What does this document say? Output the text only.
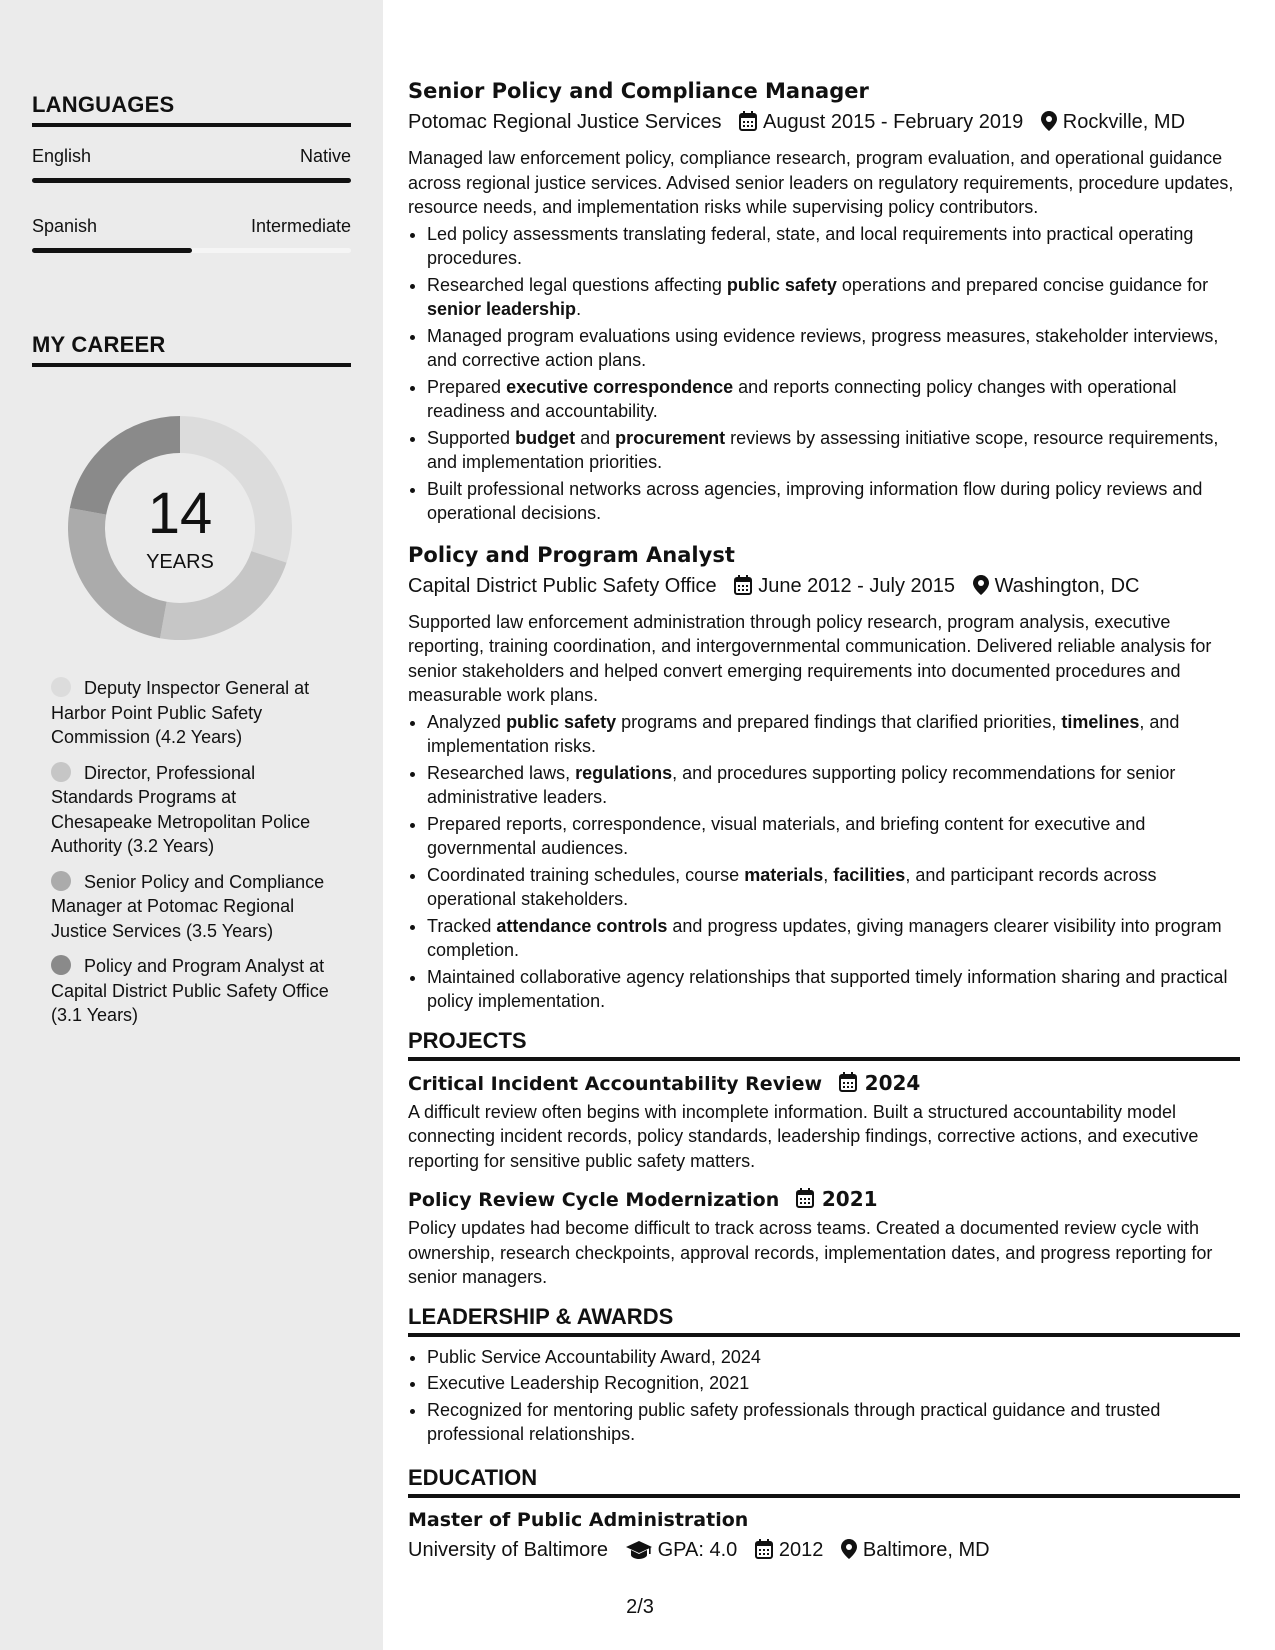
LANGUAGES
English	Native
Spanish	Intermediate
MY CAREER
14
YEARS
Deputy Inspector General at Harbor Point Public Safety Commission (4.2 Years)
Director, Professional Standards Programs at Chesapeake Metropolitan Police Authority (3.2 Years)
Senior Policy and Compliance Manager at Potomac Regional Justice Services (3.5 Years)
Policy and Program Analyst at Capital District Public Safety Office (3.1 Years)
Senior Policy and Compliance Manager
Potomac Regional Justice Services August 2015 - February 2019 Rockville, MD

Managed law enforcement policy, compliance research, program evaluation, and operational guidance across regional justice services. Advised senior leaders on regulatory requirements, procedure updates, resource needs, and implementation risks while supervising policy contributors.

• Led policy assessments translating federal, state, and local requirements into practical operating procedures.
• Researched legal questions affecting public safety operations and prepared concise guidance for senior leadership.
• Managed program evaluations using evidence reviews, progress measures, stakeholder interviews, and corrective action plans.
• Prepared executive correspondence and reports connecting policy changes with operational readiness and accountability.
• Supported budget and procurement reviews by assessing initiative scope, resource requirements, and implementation priorities.
• Built professional networks across agencies, improving information flow during policy reviews and operational decisions.
Policy and Program Analyst
Capital District Public Safety Office June 2012 - July 2015 Washington, DC

Supported law enforcement administration through policy research, program analysis, executive reporting, training coordination, and intergovernmental communication. Delivered reliable analysis for senior stakeholders and helped convert emerging requirements into documented procedures and measurable work plans.

• Analyzed public safety programs and prepared findings that clarified priorities, timelines, and implementation risks.
• Researched laws, regulations, and procedures supporting policy recommendations for senior administrative leaders.
• Prepared reports, correspondence, visual materials, and briefing content for executive and governmental audiences.
• Coordinated training schedules, course materials, facilities, and participant records across operational stakeholders.
• Tracked attendance controls and progress updates, giving managers clearer visibility into program completion.
• Maintained collaborative agency relationships that supported timely information sharing and practical policy implementation.
PROJECTS
Critical Incident Accountability Review 2024

A difficult review often begins with incomplete information. Built a structured accountability model connecting incident records, policy standards, leadership findings, corrective actions, and executive reporting for sensitive public safety matters.

Policy Review Cycle Modernization 2021

Policy updates had become difficult to track across teams. Created a documented review cycle with ownership, research checkpoints, approval records, implementation dates, and progress reporting for senior managers.

LEADERSHIP & AWARDS
• Public Service Accountability Award, 2024
• Executive Leadership Recognition, 2021
• Recognized for mentoring public safety professionals through practical guidance and trusted professional relationships.
EDUCATION
Master of Public Administration
University of Baltimore GPA: 4.0 2012 Baltimore, MD
2/3
